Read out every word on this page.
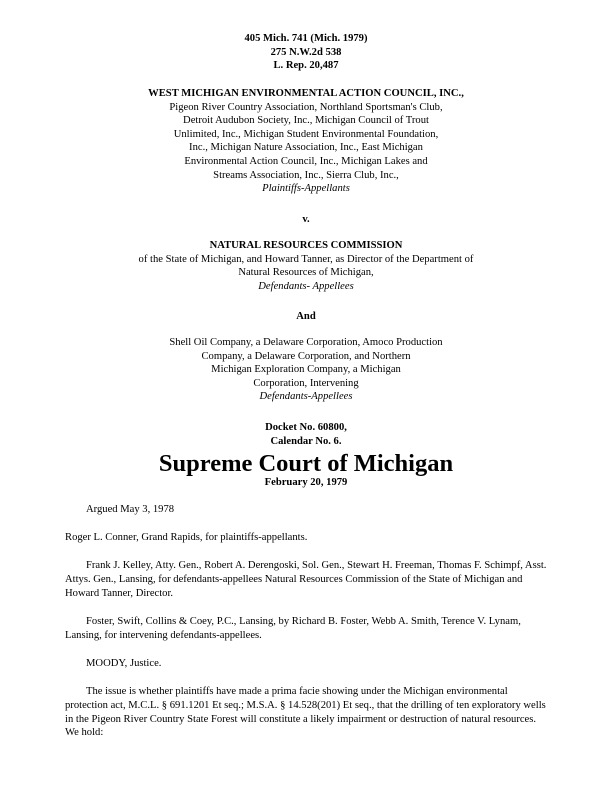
405 Mich. 741 (Mich. 1979)
275 N.W.2d 538
L. Rep. 20,487
WEST MICHIGAN ENVIRONMENTAL ACTION COUNCIL, INC.,
Pigeon River Country Association, Northland Sportsman's Club,
Detroit Audubon Society, Inc., Michigan Council of Trout
Unlimited, Inc., Michigan Student Environmental Foundation,
Inc., Michigan Nature Association, Inc., East Michigan
Environmental Action Council, Inc., Michigan Lakes and
Streams Association, Inc., Sierra Club, Inc.,
Plaintiffs-Appellants
v.
NATURAL RESOURCES COMMISSION
of the State of Michigan, and Howard Tanner, as Director of the Department of
Natural Resources of Michigan,
Defendants- Appellees
And
Shell Oil Company, a Delaware Corporation, Amoco Production
Company, a Delaware Corporation, and Northern
Michigan Exploration Company, a Michigan
Corporation, Intervening
Defendants-Appellees
Docket No. 60800,
Calendar No. 6.
Supreme Court of Michigan
February 20, 1979
Argued May 3, 1978
Roger L. Conner, Grand Rapids, for plaintiffs-appellants.
Frank J. Kelley, Atty. Gen., Robert A. Derengoski, Sol. Gen., Stewart H. Freeman, Thomas F. Schimpf, Asst. Attys. Gen., Lansing, for defendants-appellees Natural Resources Commission of the State of Michigan and Howard Tanner, Director.
Foster, Swift, Collins & Coey, P.C., Lansing, by Richard B. Foster, Webb A. Smith, Terence V. Lynam, Lansing, for intervening defendants-appellees.
MOODY, Justice.
The issue is whether plaintiffs have made a prima facie showing under the Michigan environmental protection act, M.C.L. § 691.1201 Et seq.; M.S.A. § 14.528(201) Et seq., that the drilling of ten exploratory wells in the Pigeon River Country State Forest will constitute a likely impairment or destruction of natural resources. We hold:
